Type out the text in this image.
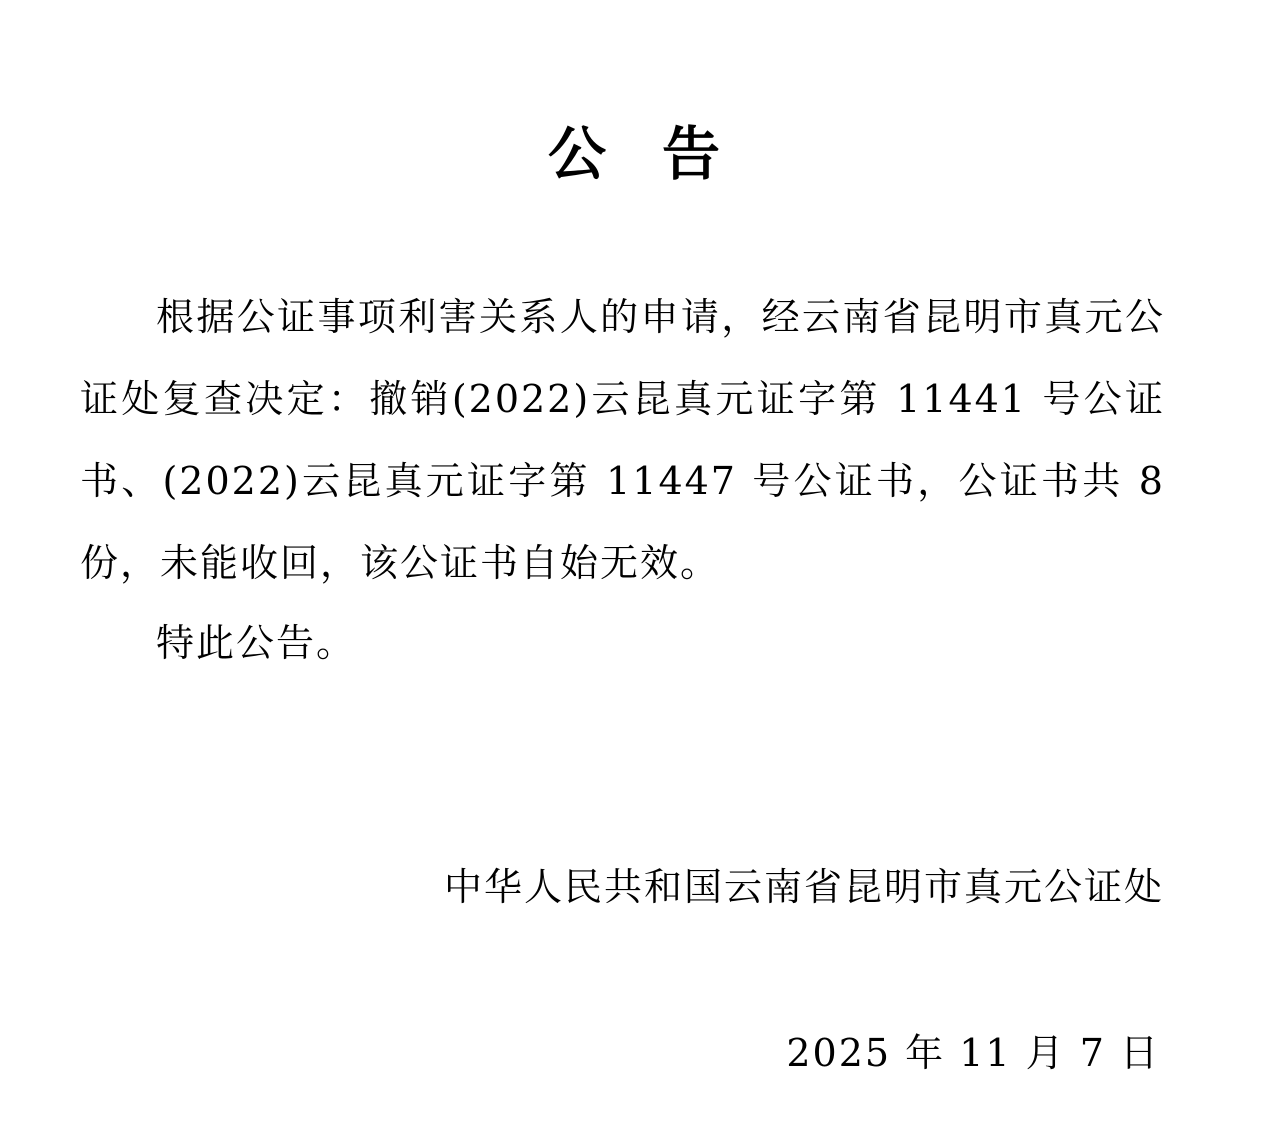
公告

根据公证事项利害关系人的申请，经云南省昆明市真元公证处复查决定：撤销(2022)云昆真元证字第 11441 号公证书、(2022)云昆真元证字第 11447 号公证书，公证书共 8 份，未能收回，该公证书自始无效。

特此公告。
中华人民共和国云南省昆明市真元公证处
2025 年 11 月 7 日
